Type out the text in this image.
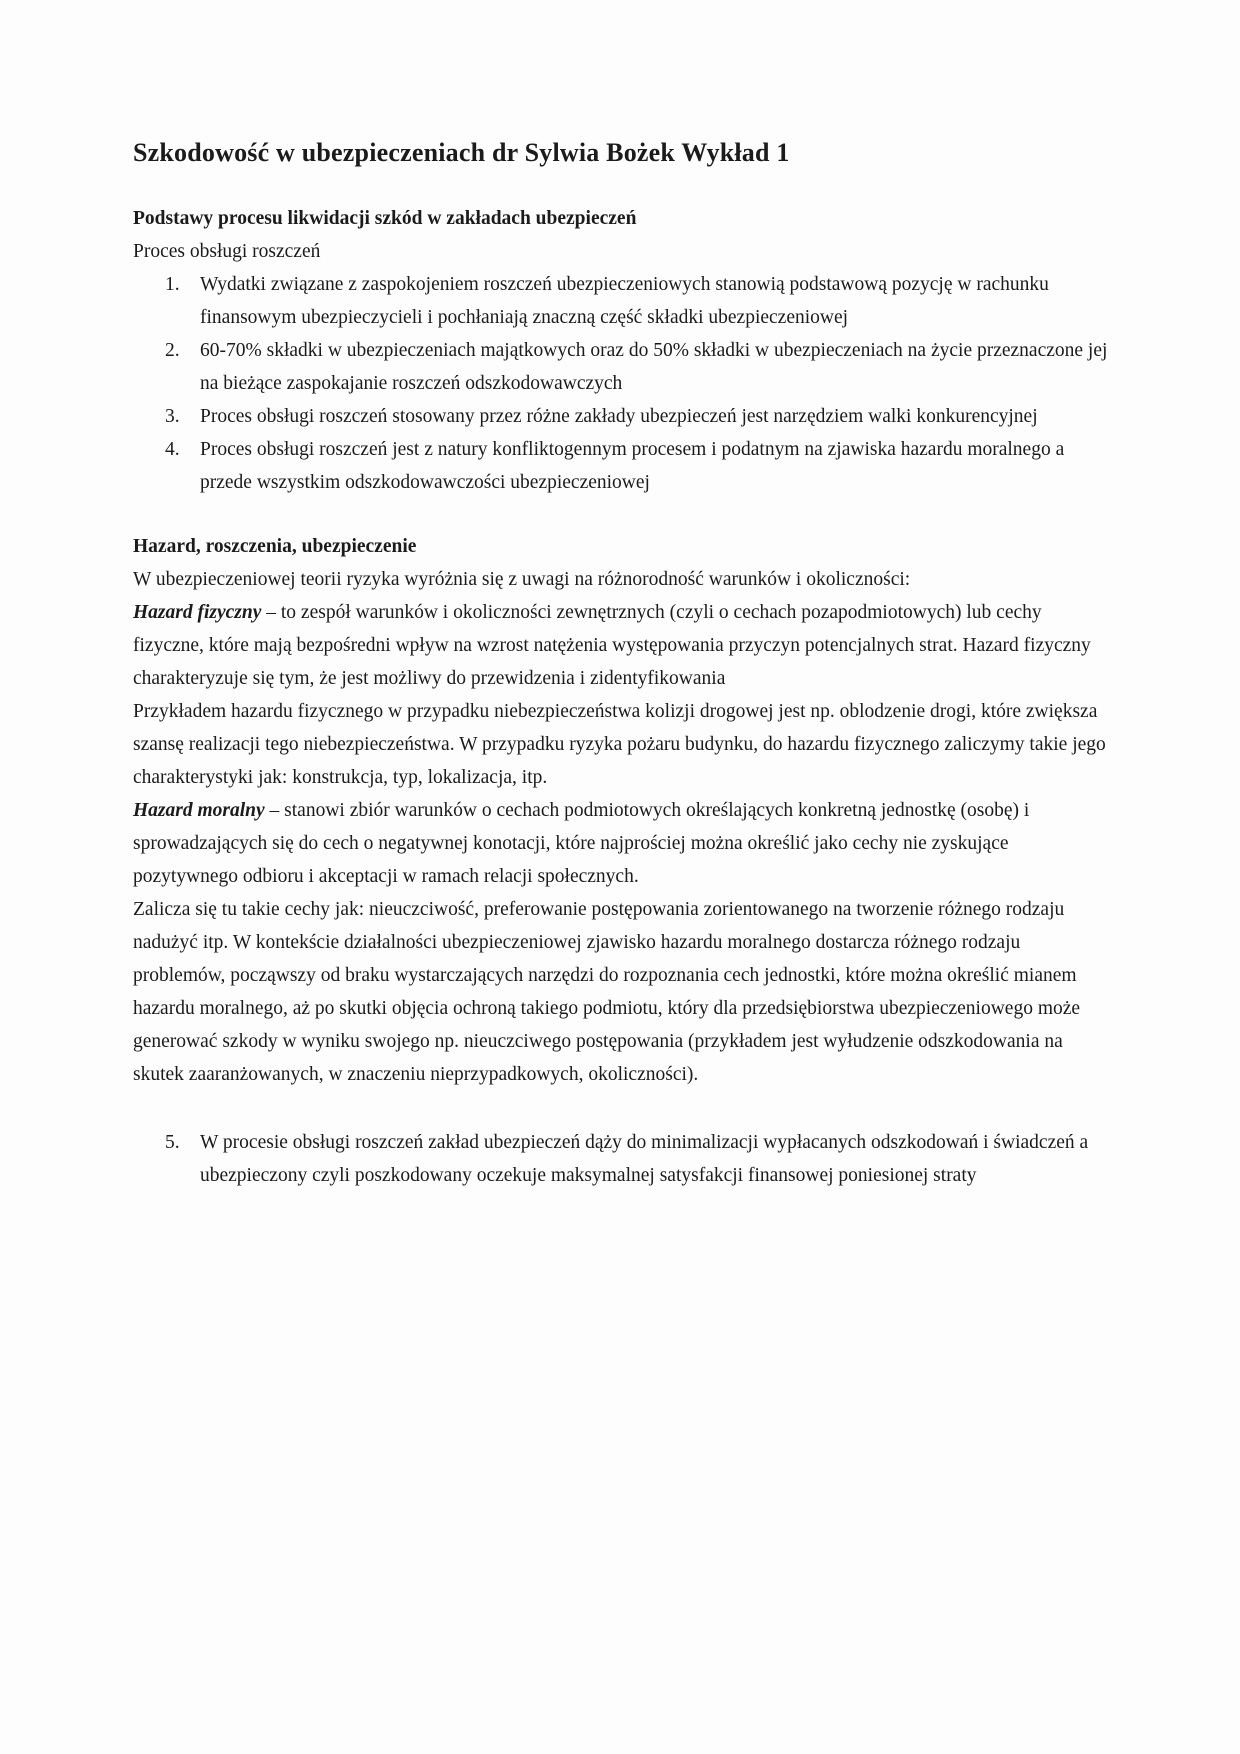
Szkodowość w ubezpieczeniach dr Sylwia Bożek Wykład 1
Podstawy procesu likwidacji szkód w zakładach ubezpieczeń

Proces obsługi roszczeń

1.	Wydatki związane z zaspokojeniem roszczeń ubezpieczeniowych stanowią podstawową pozycję w rachunku finansowym ubezpieczycieli i pochłaniają znaczną część składki ubezpieczeniowej
2.	60-70% składki w ubezpieczeniach majątkowych oraz do 50% składki w ubezpieczeniach na życie przeznaczone jej na bieżące zaspokajanie roszczeń odszkodowawczych
3.	Proces obsługi roszczeń stosowany przez różne zakłady ubezpieczeń jest narzędziem walki konkurencyjnej
4.	Proces obsługi roszczeń jest z natury konfliktogennym procesem i podatnym na zjawiska hazardu moralnego a przede wszystkim odszkodowawczości ubezpieczeniowej
Hazard, roszczenia, ubezpieczenie

W ubezpieczeniowej teorii ryzyka wyróżnia się z uwagi na różnorodność warunków i okoliczności:

Hazard fizyczny – to zespół warunków i okoliczności zewnętrznych (czyli o cechach pozapodmiotowych) lub cechy fizyczne, które mają bezpośredni wpływ na wzrost natężenia występowania przyczyn potencjalnych strat. Hazard fizyczny charakteryzuje się tym, że jest możliwy do przewidzenia i zidentyfikowania

Przykładem hazardu fizycznego w przypadku niebezpieczeństwa kolizji drogowej jest np. oblodzenie drogi, które zwiększa szansę realizacji tego niebezpieczeństwa. W przypadku ryzyka pożaru budynku, do hazardu fizycznego zaliczymy takie jego charakterystyki jak: konstrukcja, typ, lokalizacja, itp.

Hazard moralny – stanowi zbiór warunków o cechach podmiotowych określających konkretną jednostkę (osobę) i sprowadzających się do cech o negatywnej konotacji, które najprościej można określić jako cechy nie zyskujące pozytywnego odbioru i akceptacji w ramach relacji społecznych.

Zalicza się tu takie cechy jak: nieuczciwość, preferowanie postępowania zorientowanego na tworzenie różnego rodzaju nadużyć itp. W kontekście działalności ubezpieczeniowej zjawisko hazardu moralnego dostarcza różnego rodzaju problemów, począwszy od braku wystarczających narzędzi do rozpoznania cech jednostki, które można określić mianem hazardu moralnego, aż po skutki objęcia ochroną takiego podmiotu, który dla przedsiębiorstwa ubezpieczeniowego może generować szkody w wyniku swojego np. nieuczciwego postępowania (przykładem jest wyłudzenie odszkodowania na skutek zaaranżowanych, w znaczeniu nieprzypadkowych, okoliczności).

5.	W procesie obsługi roszczeń zakład ubezpieczeń dąży do minimalizacji wypłacanych odszkodowań i świadczeń a ubezpieczony czyli poszkodowany oczekuje maksymalnej satysfakcji finansowej poniesionej straty
